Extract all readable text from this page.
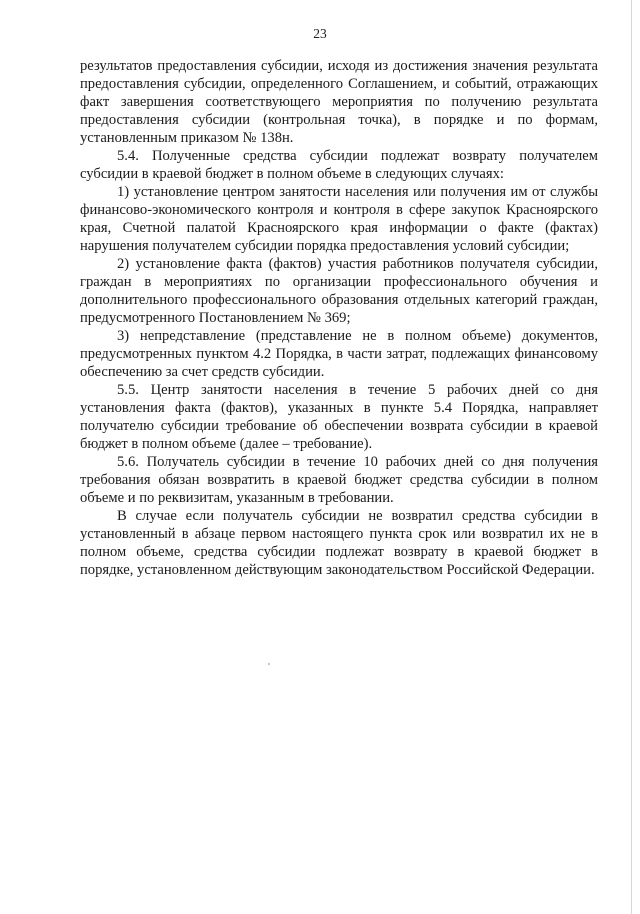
23

результатов предоставления субсидии, исходя из достижения значения результата предоставления субсидии, определенного Соглашением, и событий, отражающих факт завершения соответствующего мероприятия по получению результата предоставления субсидии (контрольная точка), в порядке и по формам, установленным приказом № 138н.

5.4. Полученные средства субсидии подлежат возврату получателем субсидии в краевой бюджет в полном объеме в следующих случаях:

1) установление центром занятости населения или получения им от службы финансово-экономического контроля и контроля в сфере закупок Красноярского края, Счетной палатой Красноярского края информации о факте (фактах) нарушения получателем субсидии порядка предоставления условий субсидии;

2) установление факта (фактов) участия работников получателя субсидии, граждан в мероприятиях по организации профессионального обучения и дополнительного профессионального образования отдельных категорий граждан, предусмотренного Постановлением № 369;

3) непредставление (представление не в полном объеме) документов, предусмотренных пунктом 4.2 Порядка, в части затрат, подлежащих финансовому обеспечению за счет средств субсидии.

5.5. Центр занятости населения в течение 5 рабочих дней со дня установления факта (фактов), указанных в пункте 5.4 Порядка, направляет получателю субсидии требование об обеспечении возврата субсидии в краевой бюджет в полном объеме (далее – требование).

5.6. Получатель субсидии в течение 10 рабочих дней со дня получения требования обязан возвратить в краевой бюджет средства субсидии в полном объеме и по реквизитам, указанным в требовании.

В случае если получатель субсидии не возвратил средства субсидии в установленный в абзаце первом настоящего пункта срок или возвратил их не в полном объеме, средства субсидии подлежат возврату в краевой бюджет в порядке, установленном действующим законодательством Российской Федерации.
